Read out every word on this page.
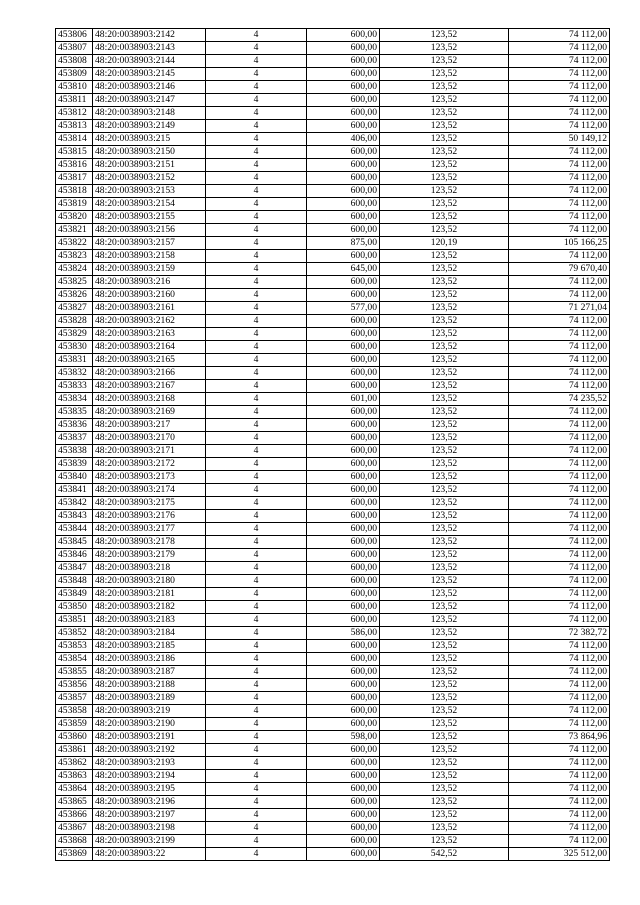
453806	48:20:0038903:2142	4	600,00	123,52	74 112,00
453807	48:20:0038903:2143	4	600,00	123,52	74 112,00
453808	48:20:0038903:2144	4	600,00	123,52	74 112,00
453809	48:20:0038903:2145	4	600,00	123,52	74 112,00
453810	48:20:0038903:2146	4	600,00	123,52	74 112,00
453811	48:20:0038903:2147	4	600,00	123,52	74 112,00
453812	48:20:0038903:2148	4	600,00	123,52	74 112,00
453813	48:20:0038903:2149	4	600,00	123,52	74 112,00
453814	48:20:0038903:215	4	406,00	123,52	50 149,12
453815	48:20:0038903:2150	4	600,00	123,52	74 112,00
453816	48:20:0038903:2151	4	600,00	123,52	74 112,00
453817	48:20:0038903:2152	4	600,00	123,52	74 112,00
453818	48:20:0038903:2153	4	600,00	123,52	74 112,00
453819	48:20:0038903:2154	4	600,00	123,52	74 112,00
453820	48:20:0038903:2155	4	600,00	123,52	74 112,00
453821	48:20:0038903:2156	4	600,00	123,52	74 112,00
453822	48:20:0038903:2157	4	875,00	120,19	105 166,25
453823	48:20:0038903:2158	4	600,00	123,52	74 112,00
453824	48:20:0038903:2159	4	645,00	123,52	79 670,40
453825	48:20:0038903:216	4	600,00	123,52	74 112,00
453826	48:20:0038903:2160	4	600,00	123,52	74 112,00
453827	48:20:0038903:2161	4	577,00	123,52	71 271,04
453828	48:20:0038903:2162	4	600,00	123,52	74 112,00
453829	48:20:0038903:2163	4	600,00	123,52	74 112,00
453830	48:20:0038903:2164	4	600,00	123,52	74 112,00
453831	48:20:0038903:2165	4	600,00	123,52	74 112,00
453832	48:20:0038903:2166	4	600,00	123,52	74 112,00
453833	48:20:0038903:2167	4	600,00	123,52	74 112,00
453834	48:20:0038903:2168	4	601,00	123,52	74 235,52
453835	48:20:0038903:2169	4	600,00	123,52	74 112,00
453836	48:20:0038903:217	4	600,00	123,52	74 112,00
453837	48:20:0038903:2170	4	600,00	123,52	74 112,00
453838	48:20:0038903:2171	4	600,00	123,52	74 112,00
453839	48:20:0038903:2172	4	600,00	123,52	74 112,00
453840	48:20:0038903:2173	4	600,00	123,52	74 112,00
453841	48:20:0038903:2174	4	600,00	123,52	74 112,00
453842	48:20:0038903:2175	4	600,00	123,52	74 112,00
453843	48:20:0038903:2176	4	600,00	123,52	74 112,00
453844	48:20:0038903:2177	4	600,00	123,52	74 112,00
453845	48:20:0038903:2178	4	600,00	123,52	74 112,00
453846	48:20:0038903:2179	4	600,00	123,52	74 112,00
453847	48:20:0038903:218	4	600,00	123,52	74 112,00
453848	48:20:0038903:2180	4	600,00	123,52	74 112,00
453849	48:20:0038903:2181	4	600,00	123,52	74 112,00
453850	48:20:0038903:2182	4	600,00	123,52	74 112,00
453851	48:20:0038903:2183	4	600,00	123,52	74 112,00
453852	48:20:0038903:2184	4	586,00	123,52	72 382,72
453853	48:20:0038903:2185	4	600,00	123,52	74 112,00
453854	48:20:0038903:2186	4	600,00	123,52	74 112,00
453855	48:20:0038903:2187	4	600,00	123,52	74 112,00
453856	48:20:0038903:2188	4	600,00	123,52	74 112,00
453857	48:20:0038903:2189	4	600,00	123,52	74 112,00
453858	48:20:0038903:219	4	600,00	123,52	74 112,00
453859	48:20:0038903:2190	4	600,00	123,52	74 112,00
453860	48:20:0038903:2191	4	598,00	123,52	73 864,96
453861	48:20:0038903:2192	4	600,00	123,52	74 112,00
453862	48:20:0038903:2193	4	600,00	123,52	74 112,00
453863	48:20:0038903:2194	4	600,00	123,52	74 112,00
453864	48:20:0038903:2195	4	600,00	123,52	74 112,00
453865	48:20:0038903:2196	4	600,00	123,52	74 112,00
453866	48:20:0038903:2197	4	600,00	123,52	74 112,00
453867	48:20:0038903:2198	4	600,00	123,52	74 112,00
453868	48:20:0038903:2199	4	600,00	123,52	74 112,00
453869	48:20:0038903:22	4	600,00	542,52	325 512,00
